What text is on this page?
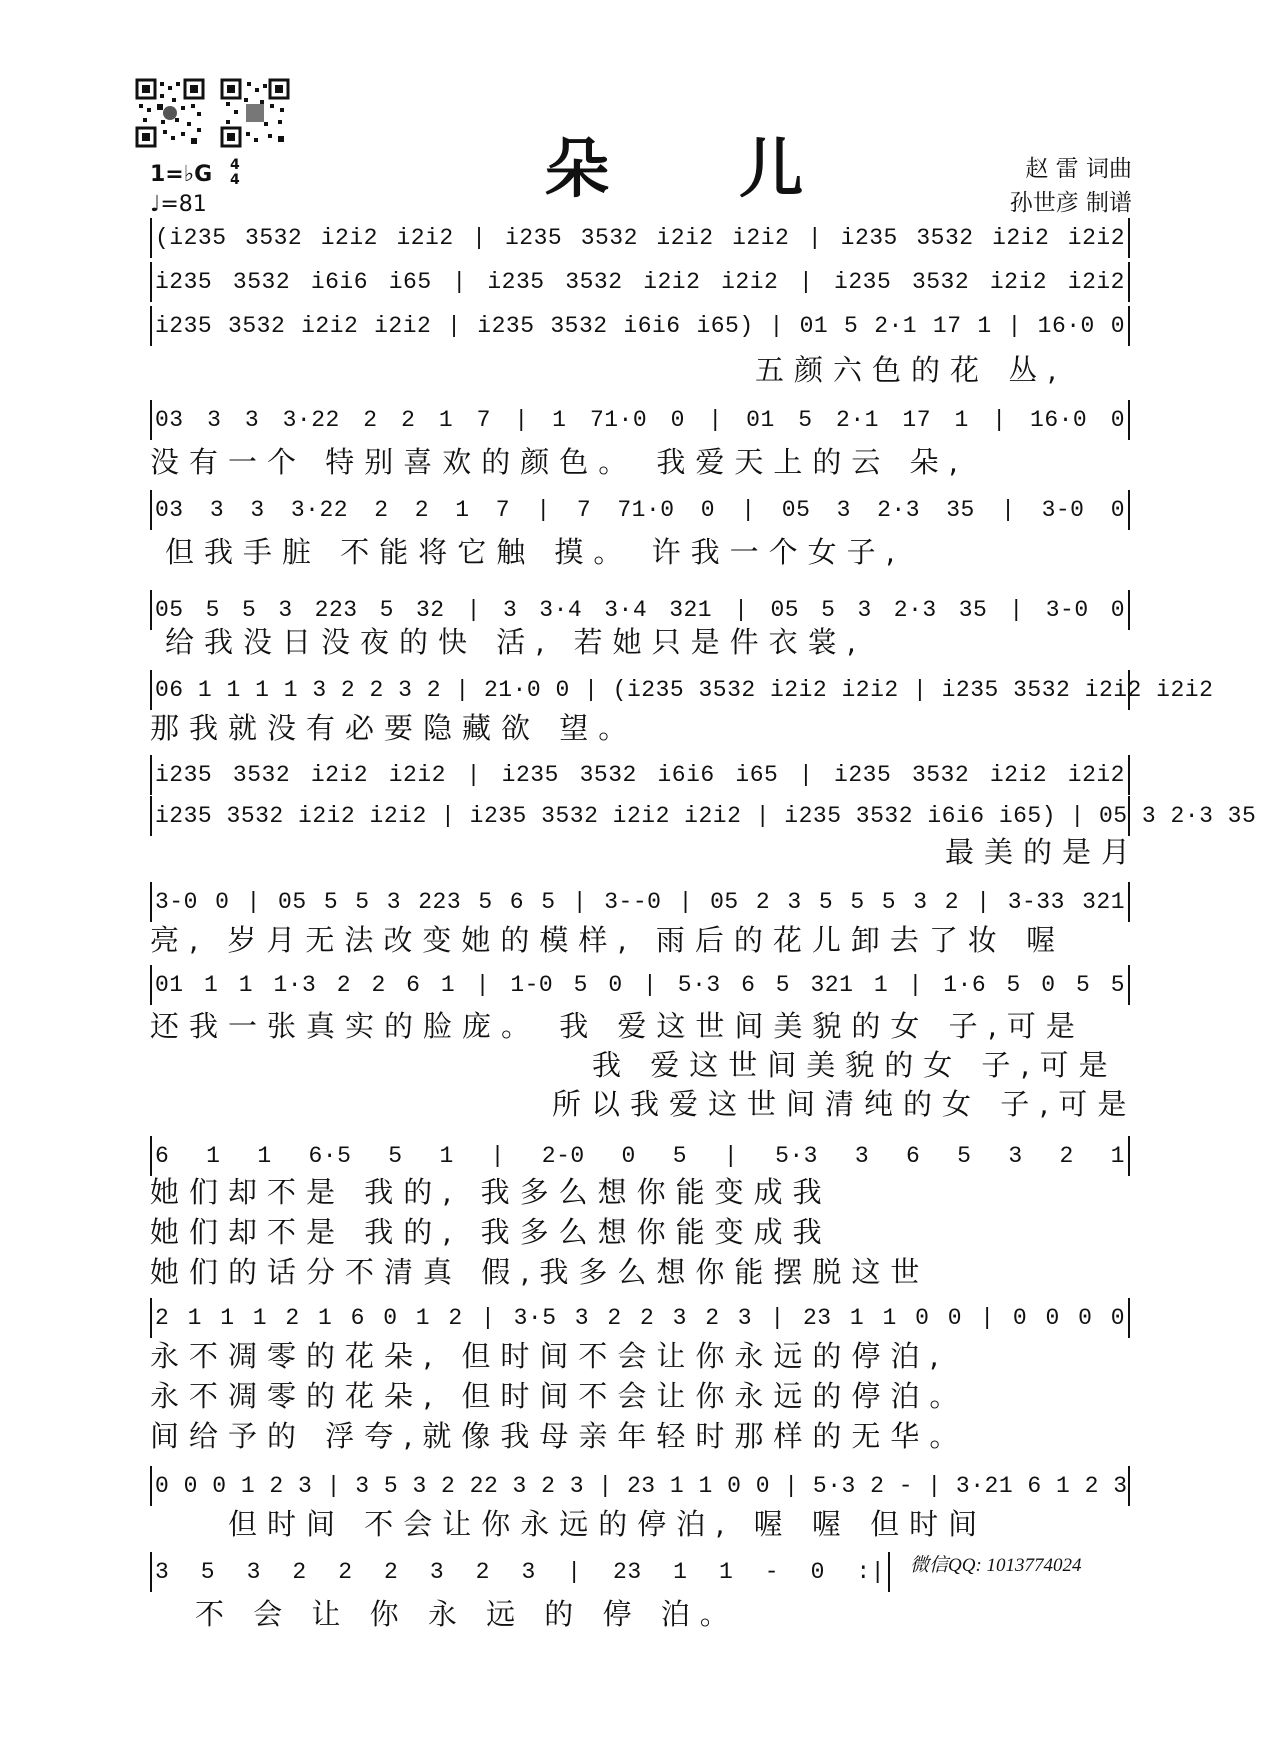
朵 儿	赵 雷 词曲
孙世彦 制谱
1=♭G 4
4
♩=81
(i235 3532 i2i2 i2i2 | i235 3532 i2i2 i2i2 | i235 3532 i2i2 i2i2
i235 3532 i6i6 i65 | i235 3532 i2i2 i2i2 | i235 3532 i2i2 i2i2
i235 3532 i2i2 i2i2 | i235 3532 i6i6 i65) | 01 5 2·1 17 1 | 16·0 0
五颜六色的花 丛,
03 3 3 3·22 2 2 1 7 | 1 71·0 0 | 01 5 2·1 17 1 | 16·0 0
没有一个 特别喜欢的颜色。 我爱天上的云 朵,
03 3 3 3·22 2 2 1 7 | 7 71·0 0 | 05 3 2·3 35 | 3-0 0
但我手脏 不能将它触 摸。 许我一个女子,
05 5 5 3 223 5 32 | 3 3·4 3·4 321 | 05 5 3 2·3 35 | 3-0 0
给我没日没夜的快 活, 若她只是件衣裳,
06 1 1 1 1 3 2 2 3 2 | 21·0 0 | (i235 3532 i2i2 i2i2 | i235 3532 i2i2 i2i2
那我就没有必要隐藏欲 望。
i235 3532 i2i2 i2i2 | i235 3532 i6i6 i65 | i235 3532 i2i2 i2i2
i235 3532 i2i2 i2i2 | i235 3532 i2i2 i2i2 | i235 3532 i6i6 i65) | 05 3 2·3 35
最美的是月
3-0 0 | 05 5 5 3 223 5 6 5 | 3--0 | 05 2 3 5 5 5 3 2 | 3-33 321
亮, 岁月无法改变她的模样, 雨后的花儿卸去了妆 喔
01 1 1 1·3 2 2 6 1 | 1-0 5 0 | 5·3 6 5 321 1 | 1·6 5 0 5 5
还我一张真实的脸庞。 我 爱这世间美貌的女 子,可是
我 爱这世间美貌的女 子,可是
所以我爱这世间清纯的女 子,可是
6 1 1 6·5 5 1 | 2-0 0 5 | 5·3 3 6 5 3 2 1
她们却不是 我的, 我多么想你能变成我
她们却不是 我的, 我多么想你能变成我
她们的话分不清真 假,我多么想你能摆脱这世
2 1 1 1 2 1 6 0 1 2 | 3·5 3 2 2 3 2 3 | 23 1 1 0 0 | 0 0 0 0
永不凋零的花朵, 但时间不会让你永远的停泊,
永不凋零的花朵, 但时间不会让你永远的停泊。
间给予的 浮夸,就像我母亲年轻时那样的无华。
0 0 0 1 2 3 | 3 5 3 2 22 3 2 3 | 23 1 1 0 0 | 5·3 2 - | 3·21 6 1 2 3
但时间 不会让你永远的停泊, 喔 喔 但时间
3 5 3 2 2 2 3 2 3 | 23 1 1 - 0 :|
不 会 让 你 永 远 的 停 泊。
微信QQ: 1013774024
